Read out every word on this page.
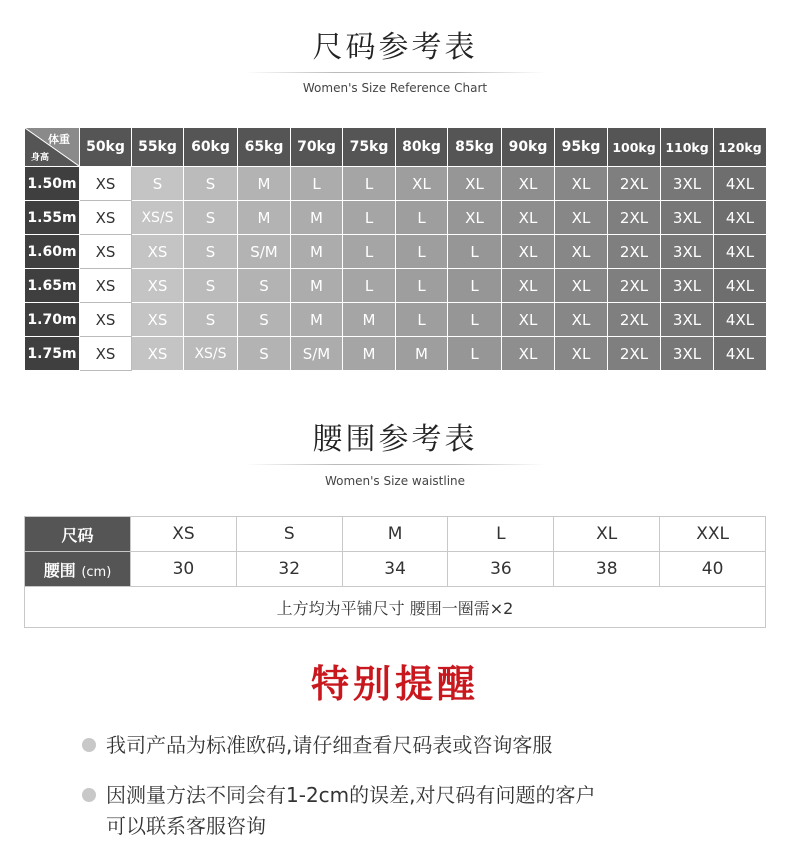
尺码参考表
Women's Size Reference Chart
体重
身高	50kg	55kg	60kg	65kg	70kg	75kg	80kg	85kg	90kg	95kg	100kg	110kg	120kg
1.50m	XS	S	S	M	L	L	XL	XL	XL	XL	2XL	3XL	4XL
1.55m	XS	XS/S	S	M	M	L	L	XL	XL	XL	2XL	3XL	4XL
1.60m	XS	XS	S	S/M	M	L	L	L	XL	XL	2XL	3XL	4XL
1.65m	XS	XS	S	S	M	L	L	L	XL	XL	2XL	3XL	4XL
1.70m	XS	XS	S	S	M	M	L	L	XL	XL	2XL	3XL	4XL
1.75m	XS	XS	XS/S	S	S/M	M	M	L	XL	XL	2XL	3XL	4XL
腰围参考表
Women's Size waistline
尺码	XS	S	M	L	XL	XXL
腰围 (cm)	30	32	34	36	38	40
上方均为平铺尺寸 腰围一圈需×2						
特别提醒
我司产品为标准欧码,请仔细查看尺码表或咨询客服
因测量方法不同会有1-2cm的误差,对尺码有问题的客户
可以联系客服咨询
